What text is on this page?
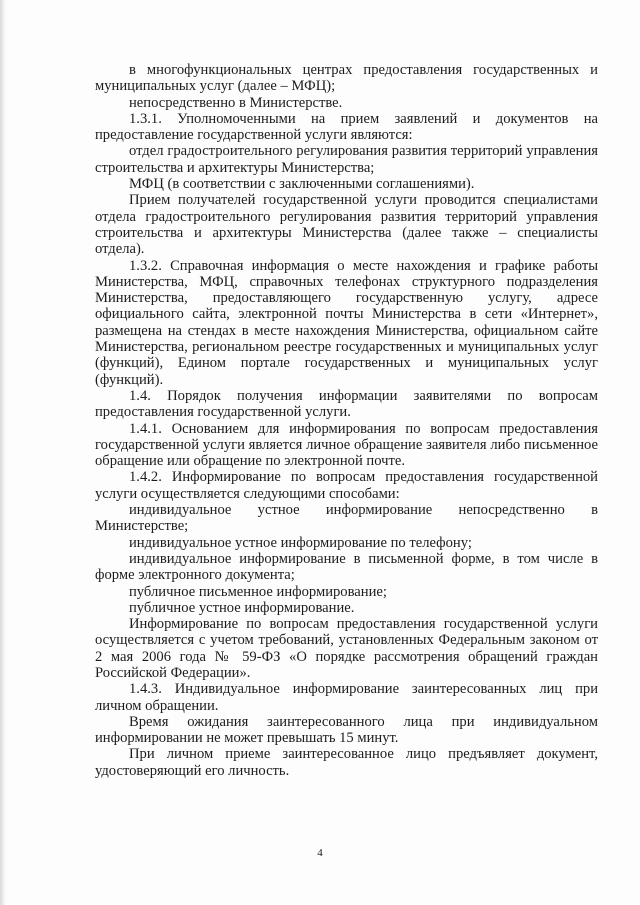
в многофункциональных центрах предоставления государственных и муниципальных услуг (далее – МФЦ);

непосредственно в Министерстве.

1.3.1. Уполномоченными на прием заявлений и документов на предоставление государственной услуги являются:

отдел градостроительного регулирования развития территорий управления строительства и архитектуры Министерства;

МФЦ (в соответствии с заключенными соглашениями).

Прием получателей государственной услуги проводится специалистами отдела градостроительного регулирования развития территорий управления строительства и архитектуры Министерства (далее также – специалисты отдела).

1.3.2. Справочная информация о месте нахождения и графике работы Министерства, МФЦ, справочных телефонах структурного подразделения Министерства, предоставляющего государственную услугу, адресе официального сайта, электронной почты Министерства в сети «Интернет», размещена на стендах в месте нахождения Министерства, официальном сайте Министерства, региональном реестре государственных и муниципальных услуг (функций), Едином портале государственных и муниципальных услуг (функций).

1.4. Порядок получения информации заявителями по вопросам предоставления государственной услуги.

1.4.1. Основанием для информирования по вопросам предоставления государственной услуги является личное обращение заявителя либо письменное обращение или обращение по электронной почте.

1.4.2. Информирование по вопросам предоставления государственной услуги осуществляется следующими способами:

индивидуальное устное информирование непосредственно в Министерстве;

индивидуальное устное информирование по телефону;

индивидуальное информирование в письменной форме, в том числе в форме электронного документа;

публичное письменное информирование;

публичное устное информирование.

Информирование по вопросам предоставления государственной услуги осуществляется с учетом требований, установленных Федеральным законом от 2 мая 2006 года № 59-ФЗ «О порядке рассмотрения обращений граждан Российской Федерации».

1.4.3. Индивидуальное информирование заинтересованных лиц при личном обращении.

Время ожидания заинтересованного лица при индивидуальном информировании не может превышать 15 минут.

При личном приеме заинтересованное лицо предъявляет документ, удостоверяющий его личность.

4
